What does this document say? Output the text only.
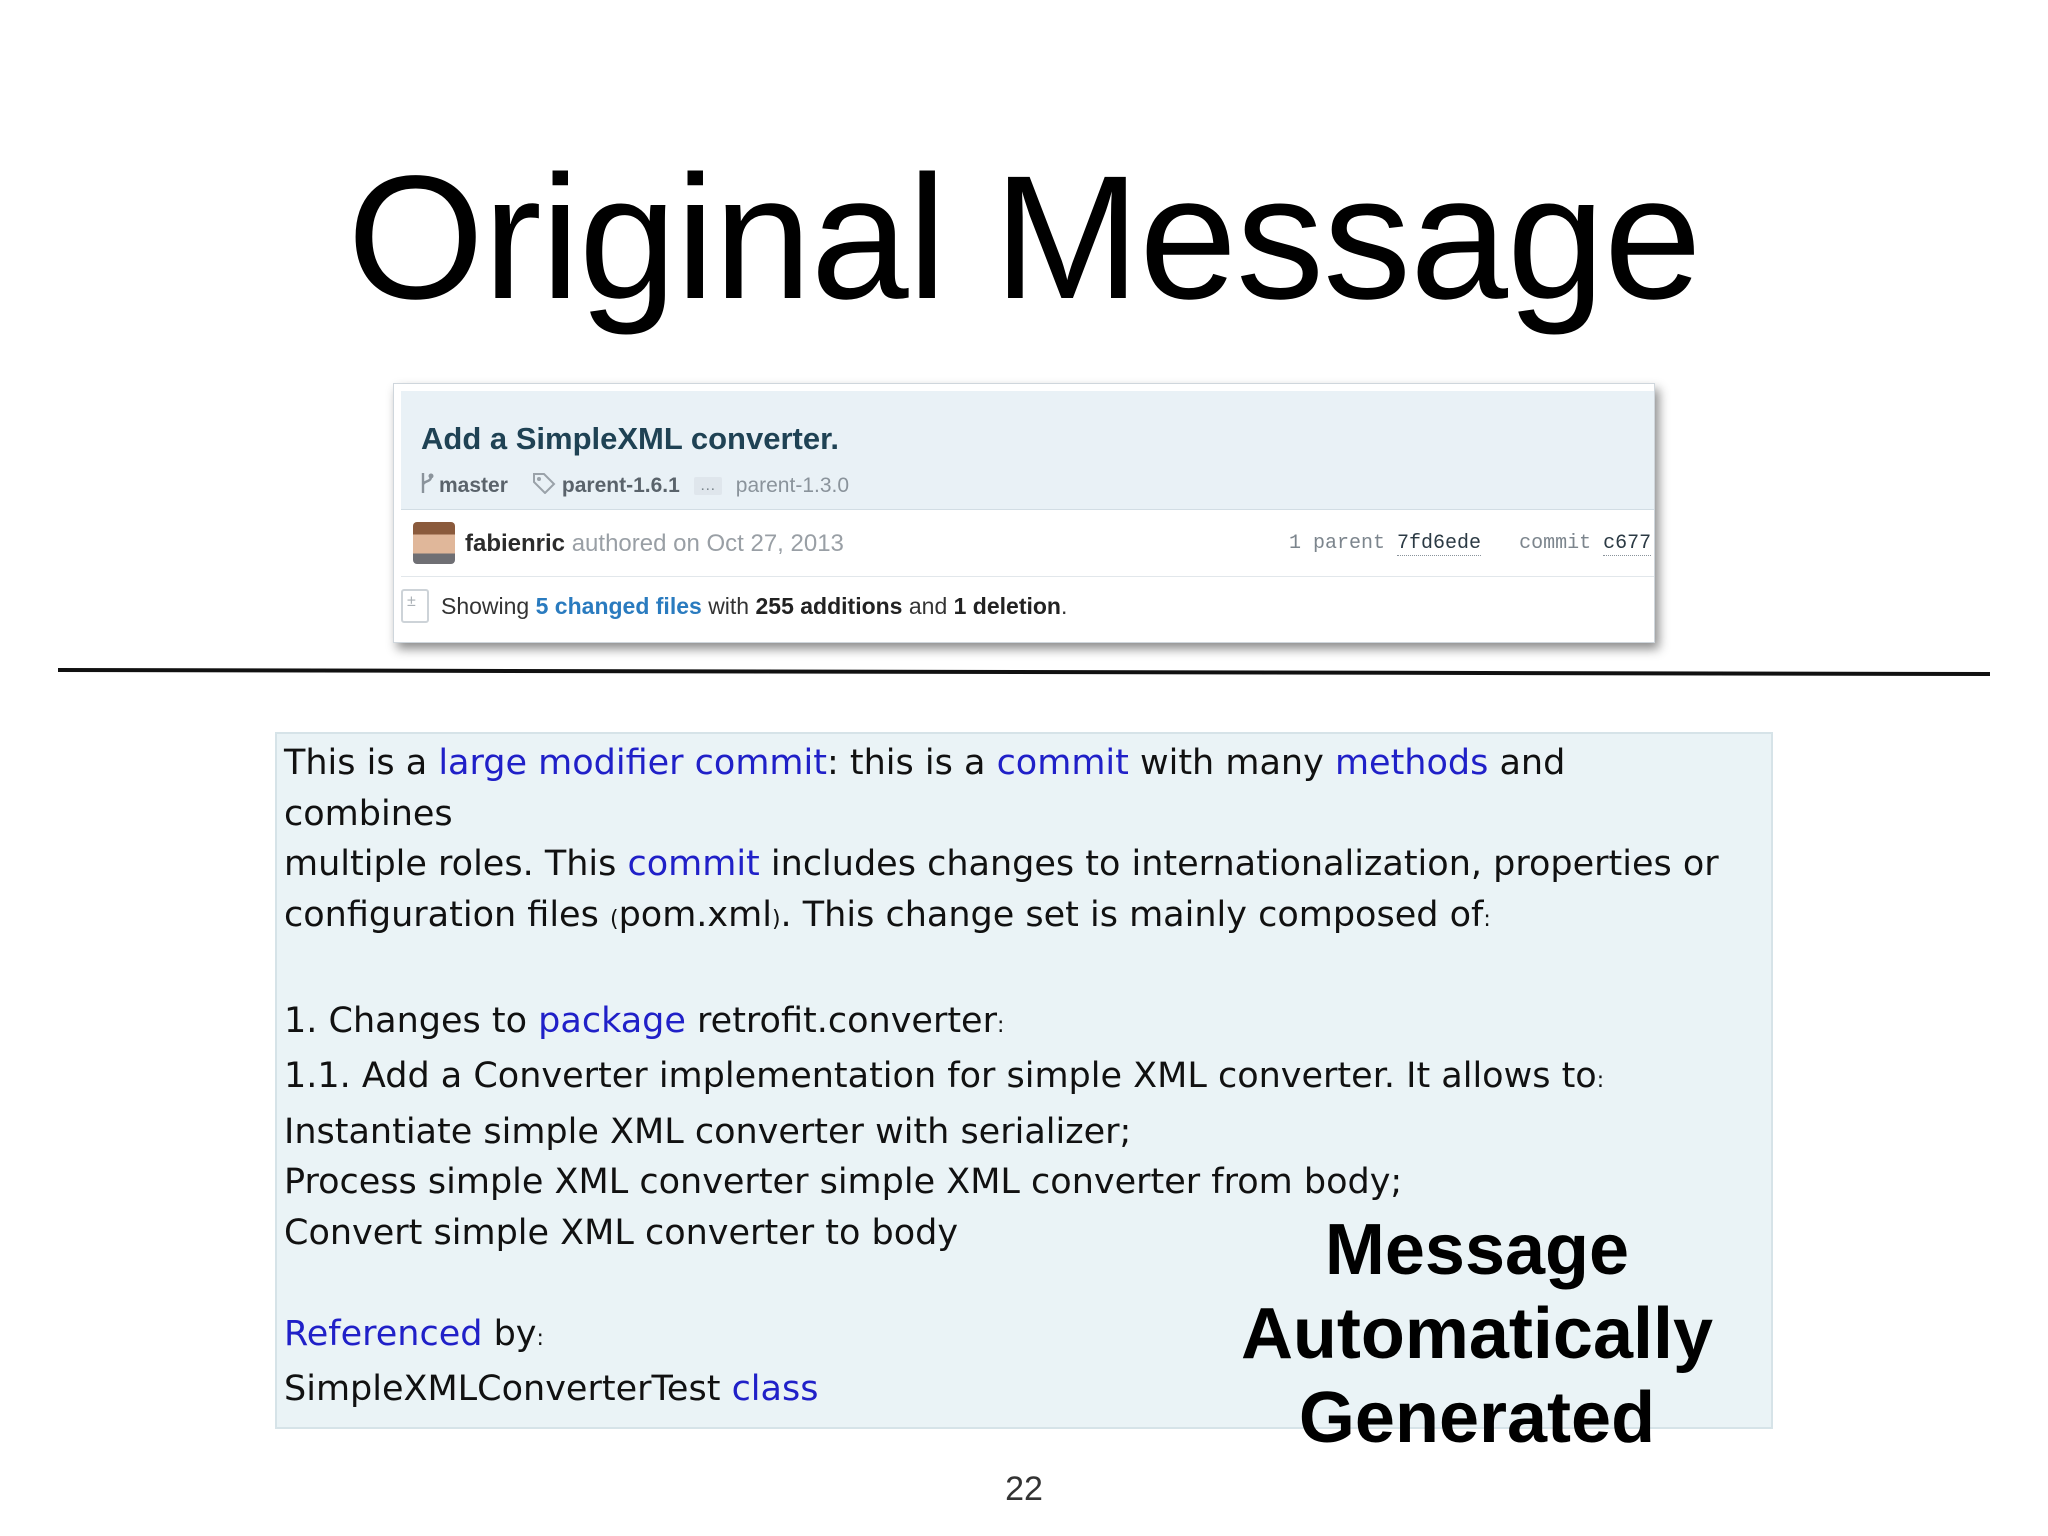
Original Message
Add a SimpleXML converter.
master	parent-1.6.1	… parent-1.3.0
fabienric authored on Oct 27, 2013	1 parent 7fd6ede commit c677
±
Showing
5 changed files
with
255 additions
and
1 deletion .

This is a large modifier commit: this is a commit with many methods and combines

multiple roles. This commit includes changes to internationalization, properties or

configuration files (pom.xml). This change set is mainly composed of:

1. Changes to package retrofit.converter:

1.1. Add a Converter implementation for simple XML converter. It allows to:

Instantiate simple XML converter with serializer;

Process simple XML converter simple XML converter from body;

Convert simple XML converter to body

Referenced by:

SimpleXMLConverterTest class

Message Automatically
Generated
22
